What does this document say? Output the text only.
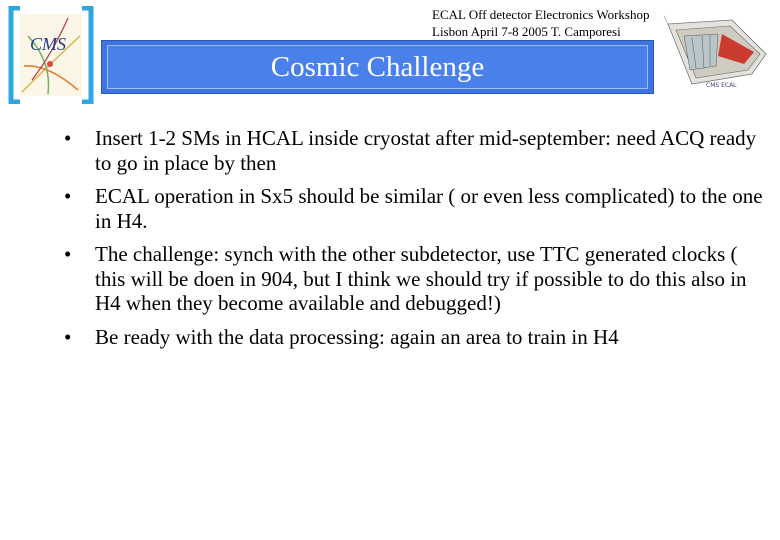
CMS
ECAL Off detector Electronics Workshop
Lisbon April 7-8 2005 T. Camporesi
Cosmic Challenge
CMS ECAL
• Insert 1-2 SMs in HCAL inside cryostat after mid-september: need ACQ ready to go in place by then
• ECAL operation in Sx5 should be similar ( or even less complicated) to the one in H4.
• The challenge: synch with the other subdetector, use TTC generated clocks ( this will be doen in 904, but I think we should try if possible to do this also in H4 when they become available and debugged!)
• Be ready with the data processing: again an area to train in H4
